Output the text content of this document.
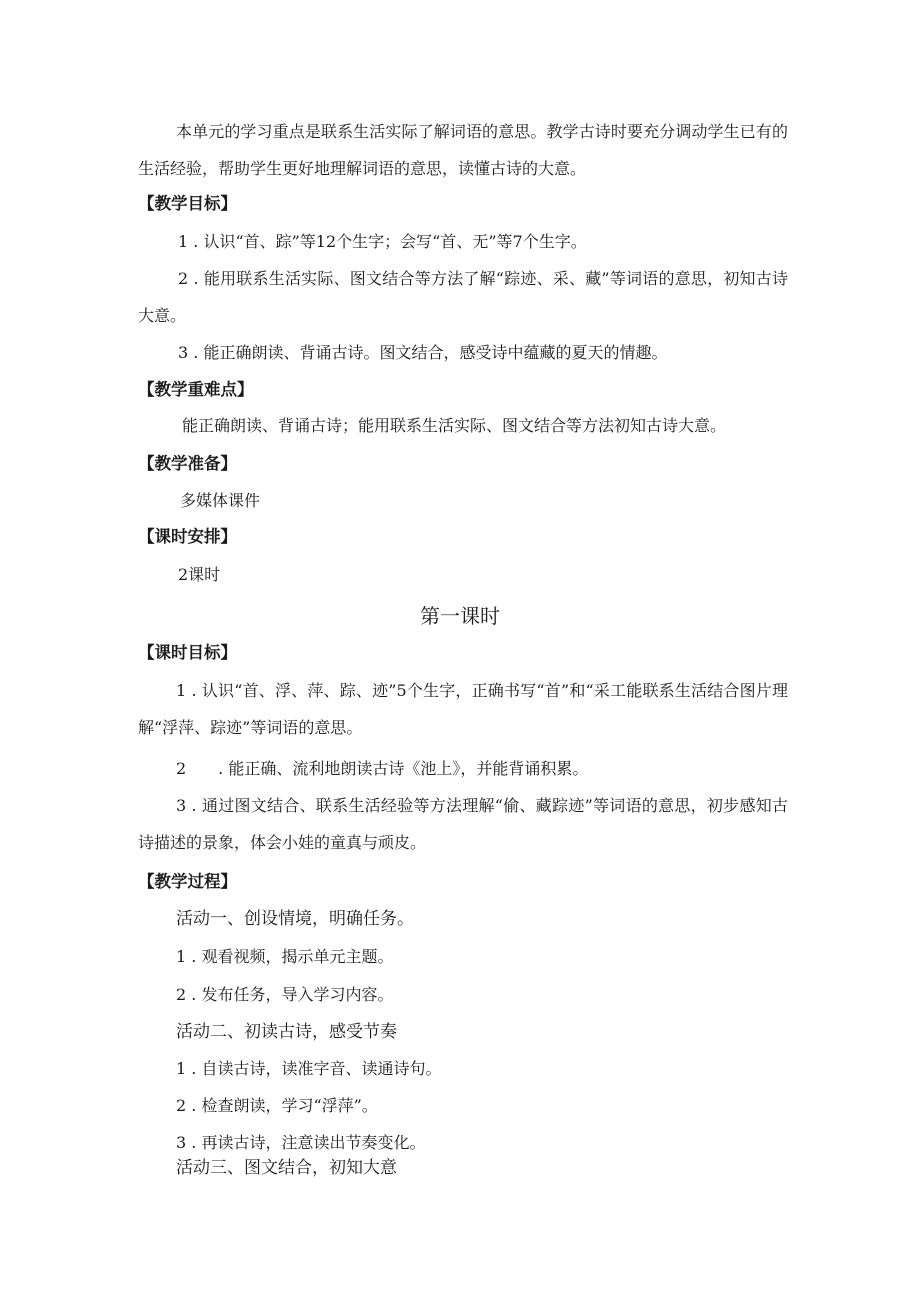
本单元的学习重点是联系生活实际了解词语的意思。教学古诗时要充分调动学生已有的生活经验，帮助学生更好地理解词语的意思，读懂古诗的大意。

【教学目标】
1 . 认识“首、踪”等12个生字；会写“首、无”等7个生字。

2 . 能用联系生活实际、图文结合等方法了解“踪迹、采、藏”等词语的意思，初知古诗大意。

3 . 能正确朗读、背诵古诗。图文结合，感受诗中蕴藏的夏天的情趣。
【教学重难点】
能正确朗读、背诵古诗；能用联系生活实际、图文结合等方法初知古诗大意。
【教学准备】
多媒体课件
【课时安排】
2课时
第一课时
【课时目标】

1 . 认识“首、浮、萍、踪、迹”5个生字，正确书写“首”和“采工能联系生活结合图片理解“浮萍、踪迹”等词语的意思。

2　　. 能正确、流利地朗读古诗《池上》，并能背诵积累。

3 . 通过图文结合、联系生活经验等方法理解“偷、藏踪迹”等词语的意思，初步感知古诗描述的景象，体会小娃的童真与顽皮。

【教学过程】
活动一、创设情境，明确任务。
1 . 观看视频，揭示单元主题。
2 . 发布任务，导入学习内容。
活动二、初读古诗，感受节奏
1 . 自读古诗，读准字音、读通诗句。
2 . 检查朗读，学习“浮萍”。
3 . 再读古诗，注意读出节奏变化。
活动三、图文结合，初知大意
